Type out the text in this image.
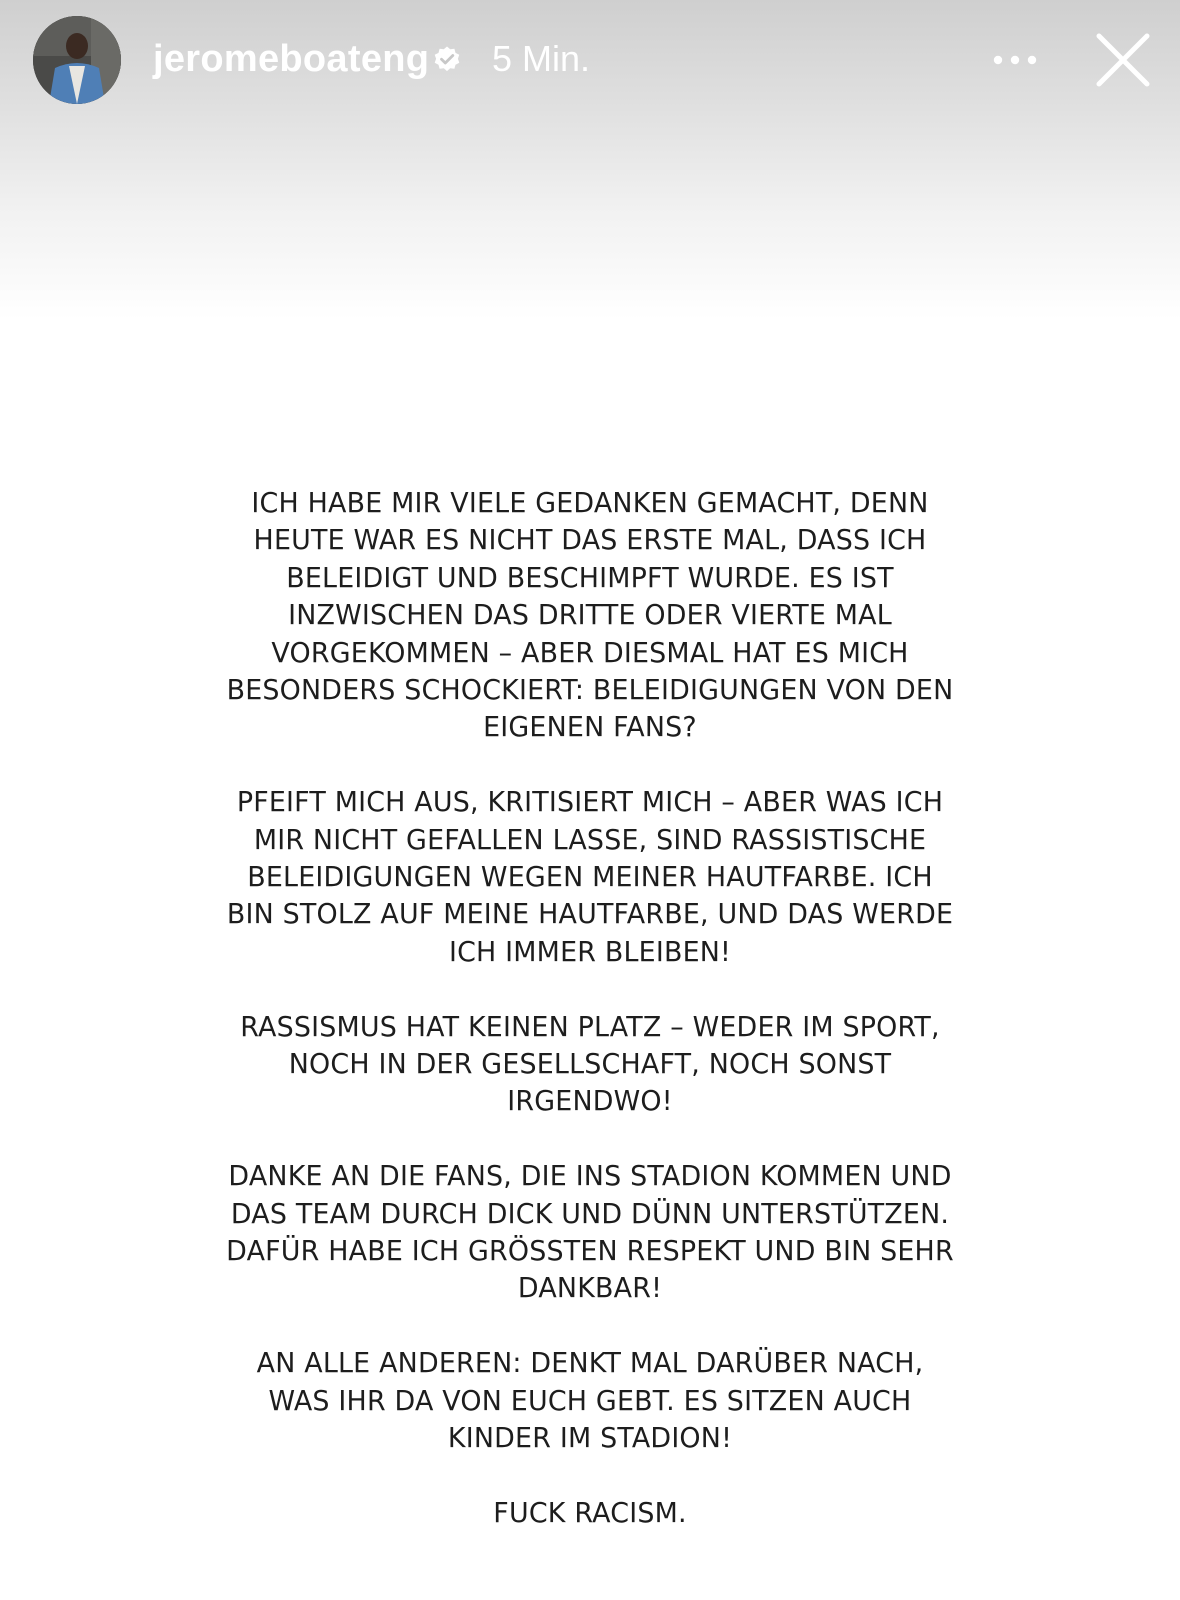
jeromeboateng 5 Min.

ICH HABE MIR VIELE GEDANKEN GEMACHT, DENN
HEUTE WAR ES NICHT DAS ERSTE MAL, DASS ICH
BELEIDIGT UND BESCHIMPFT WURDE. ES IST
INZWISCHEN DAS DRITTE ODER VIERTE MAL
VORGEKOMMEN – ABER DIESMAL HAT ES MICH
BESONDERS SCHOCKIERT: BELEIDIGUNGEN VON DEN
EIGENEN FANS?

PFEIFT MICH AUS, KRITISIERT MICH – ABER WAS ICH
MIR NICHT GEFALLEN LASSE, SIND RASSISTISCHE
BELEIDIGUNGEN WEGEN MEINER HAUTFARBE. ICH
BIN STOLZ AUF MEINE HAUTFARBE, UND DAS WERDE
ICH IMMER BLEIBEN!

RASSISMUS HAT KEINEN PLATZ – WEDER IM SPORT,
NOCH IN DER GESELLSCHAFT, NOCH SONST
IRGENDWO!

DANKE AN DIE FANS, DIE INS STADION KOMMEN UND
DAS TEAM DURCH DICK UND DÜNN UNTERSTÜTZEN.
DAFÜR HABE ICH GRÖSSTEN RESPEKT UND BIN SEHR
DANKBAR!

AN ALLE ANDEREN: DENKT MAL DARÜBER NACH,
WAS IHR DA VON EUCH GEBT. ES SITZEN AUCH
KINDER IM STADION!

FUCK RACISM.
